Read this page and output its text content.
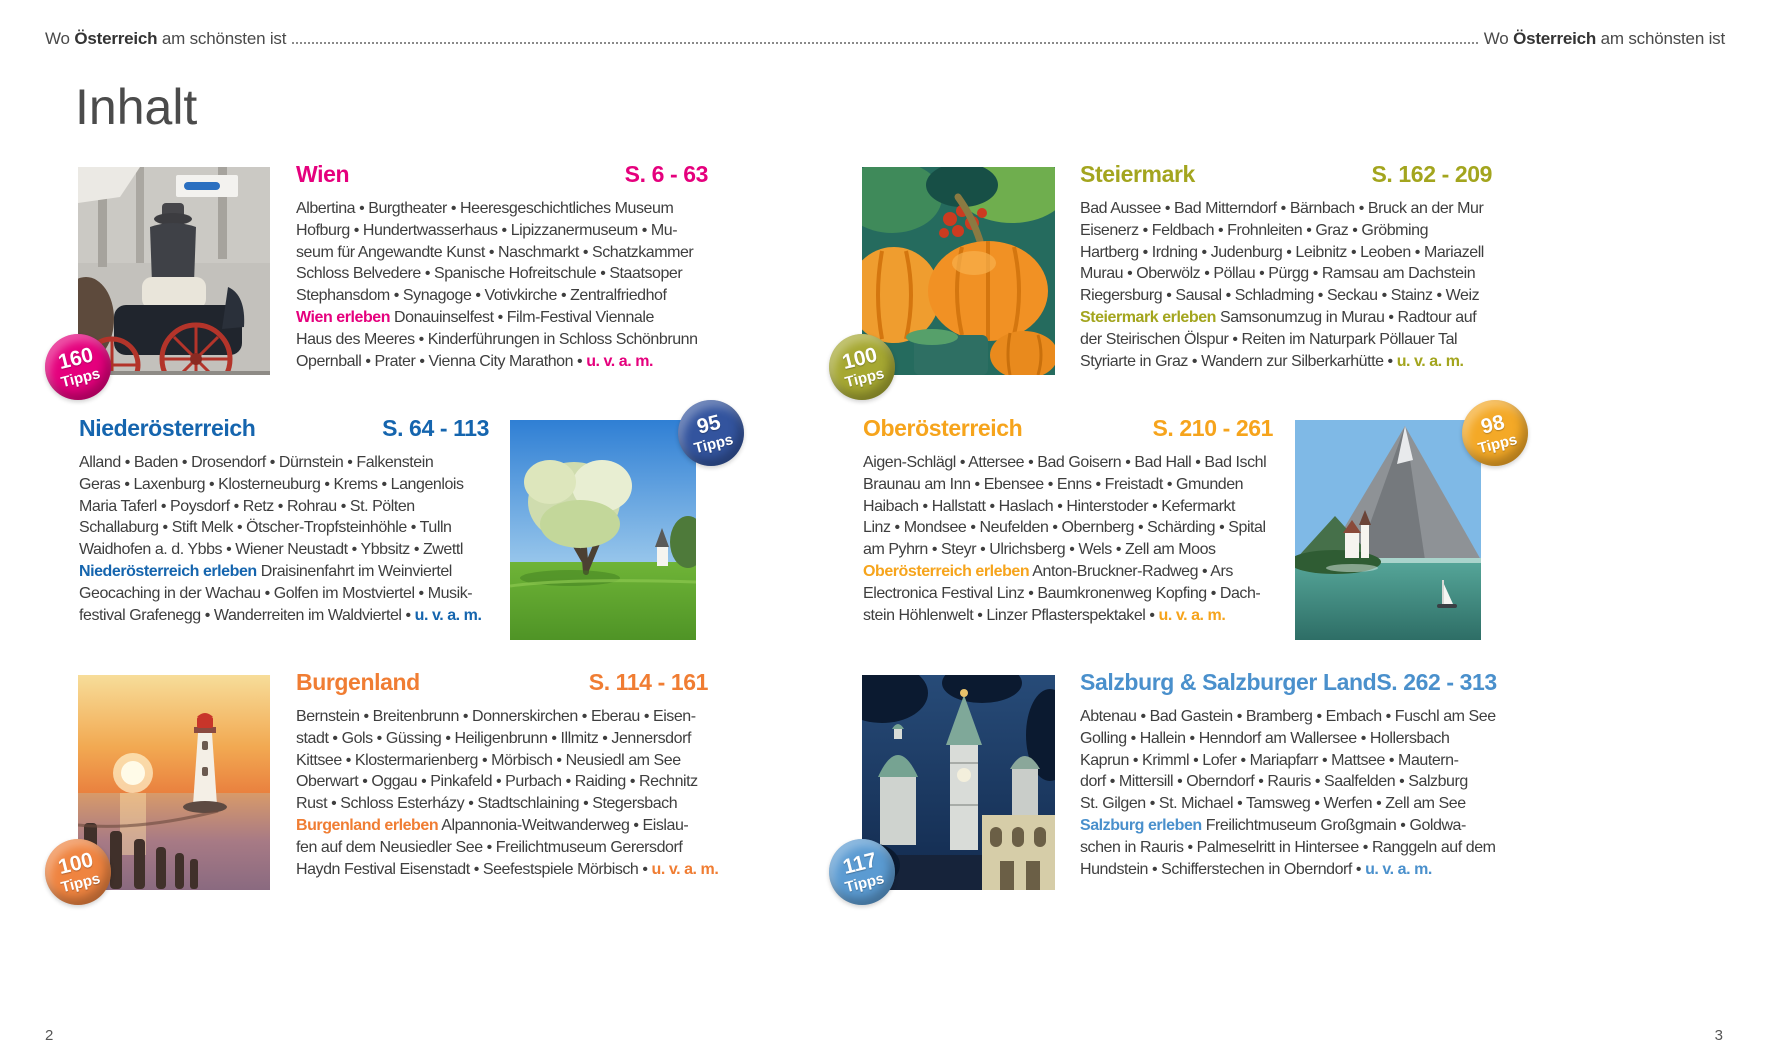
Wo Österreich am schönsten ist	Wo Österreich am schönsten ist
Inhalt
160
Tipps
Wien	S. 6 - 63
Albertina • Burgtheater • Heeresgeschichtliches Museum
Hofburg • Hundertwasserhaus • Lipizzanermuseum • Mu-
seum für Angewandte Kunst • Naschmarkt • Schatzkammer
Schloss Belvedere • Spanische Hofreitschule • Staatsoper
Stephansdom • Synagoge • Votivkirche • Zentralfriedhof
Wien erleben Donauinselfest • Film-Festival Viennale
Haus des Meeres • Kinderführungen in Schloss Schönbrunn
Opernball • Prater • Vienna City Marathon • u. v. a. m.	100
Tipps
Steiermark	S. 162 - 209
Bad Aussee • Bad Mitterndorf • Bärnbach • Bruck an der Mur
Eisenerz • Feldbach • Frohnleiten • Graz • Gröbming
Hartberg • Irdning • Judenburg • Leibnitz • Leoben • Mariazell
Murau • Oberwölz • Pöllau • Pürgg • Ramsau am Dachstein
Riegersburg • Sausal • Schladming • Seckau • Stainz • Weiz
Steiermark erleben Samsonumzug in Murau • Radtour auf
der Steirischen Ölspur • Reiten im Naturpark Pöllauer Tal
Styriarte in Graz • Wandern zur Silberkarhütte • u. v. a. m.
95
Tipps
Niederösterreich	S. 64 - 113
Alland • Baden • Drosendorf • Dürnstein • Falkenstein
Geras • Laxenburg • Klosterneuburg • Krems • Langenlois
Maria Taferl • Poysdorf • Retz • Rohrau • St. Pölten
Schallaburg • Stift Melk • Ötscher-Tropfsteinhöhle • Tulln
Waidhofen a. d. Ybbs • Wiener Neustadt • Ybbsitz • Zwettl
Niederösterreich erleben Draisinenfahrt im Weinviertel
Geocaching in der Wachau • Golfen im Mostviertel • Musik-
festival Grafenegg • Wanderreiten im Waldviertel • u. v. a. m.
98
Tipps
Oberösterreich	S. 210 - 261
Aigen-Schlägl • Attersee • Bad Goisern • Bad Hall • Bad Ischl
Braunau am Inn • Ebensee • Enns • Freistadt • Gmunden
Haibach • Hallstatt • Haslach • Hinterstoder • Kefermarkt
Linz • Mondsee • Neufelden • Obernberg • Schärding • Spital
am Pyhrn • Steyr • Ulrichsberg • Wels • Zell am Moos
Oberösterreich erleben Anton-Bruckner-Radweg • Ars
Electronica Festival Linz • Baumkronenweg Kopfing • Dach-
stein Höhlenwelt • Linzer Pflasterspektakel • u. v. a. m.
100
Tipps
Burgenland	S. 114 - 161
Bernstein • Breitenbrunn • Donnerskirchen • Eberau • Eisen-
stadt • Gols • Güssing • Heiligenbrunn • Illmitz • Jennersdorf
Kittsee • Klostermarienberg • Mörbisch • Neusiedl am See
Oberwart • Oggau • Pinkafeld • Purbach • Raiding • Rechnitz
Rust • Schloss Esterházy • Stadtschlaining • Stegersbach
Burgenland erleben Alpannonia-Weitwanderweg • Eislau-
fen auf dem Neusiedler See • Freilichtmuseum Gerersdorf
Haydn Festival Eisenstadt • Seefestspiele Mörbisch • u. v. a. m.	117
Tipps
Salzburg & Salzburger Land S. 262 - 313
Abtenau • Bad Gastein • Bramberg • Embach • Fuschl am See
Golling • Hallein • Henndorf am Wallersee • Hollersbach
Kaprun • Krimml • Lofer • Mariapfarr • Mattsee • Mautern-
dorf • Mittersill • Oberndorf • Rauris • Saalfelden • Salzburg
St. Gilgen • St. Michael • Tamsweg • Werfen • Zell am See
Salzburg erleben Freilichtmuseum Großgmain • Goldwa-
schen in Rauris • Palmeselritt in Hintersee • Ranggeln auf dem
Hundstein • Schifferstechen in Oberndorf • u. v. a. m.
2	3
